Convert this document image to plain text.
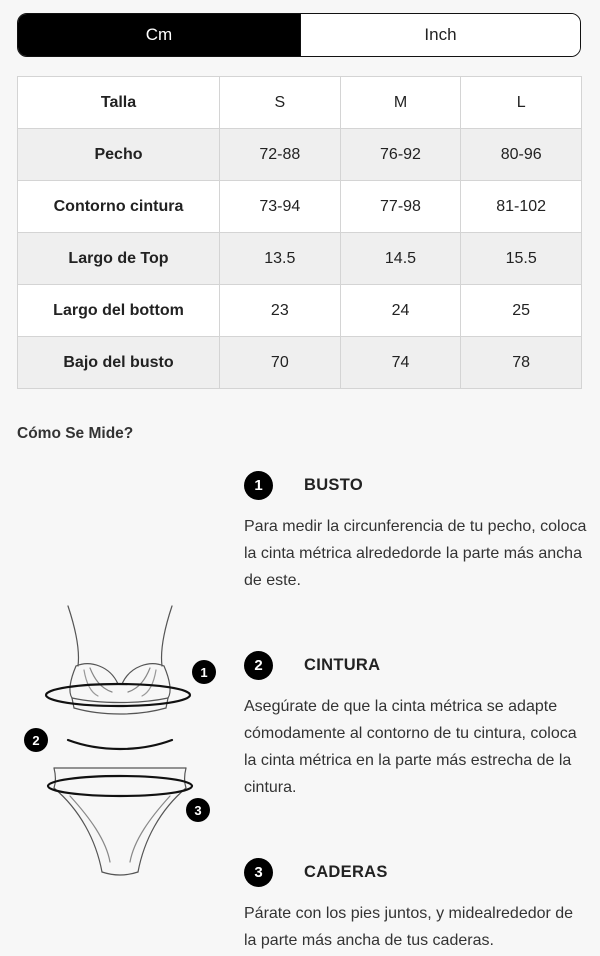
Cm	Inch
Talla	S	M	L
Pecho	72-88	76-92	80-96
Contorno cintura	73-94	77-98	81-102
Largo de Top	13.5	14.5	15.5
Largo del bottom	23	24	25
Bajo del busto	70	74	78
Cómo Se Mide?
1
2
3
1	BUSTO
Para medir la circunferencia de tu pecho, coloca la cinta métrica alrededorde la parte más ancha de este.
2	CINTURA
Asegúrate de que la cinta métrica se adapte cómodamente al contorno de tu cintura, coloca la cinta métrica en la parte más estrecha de la cintura.
3	CADERAS
Párate con los pies juntos, y midealrededor de la parte más ancha de tus caderas.
